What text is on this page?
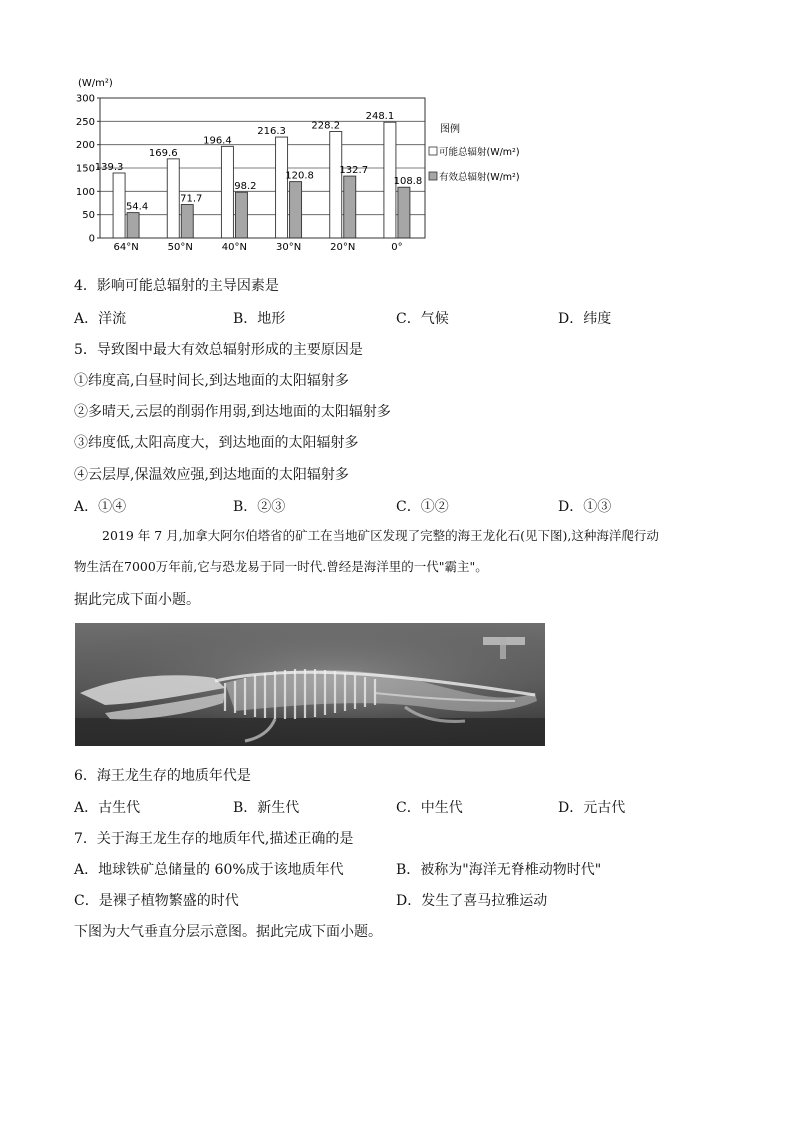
(W/m²)
0
50
100
150
200
250
300
139.3
54.4
169.6
71.7
196.4
98.2
216.3
120.8
228.2
132.7
248.1
108.8
64°N	50°N	40°N	30°N	20°N	0°
图例
可能总辐射(W/m²)
有效总辐射(W/m²)
4．影响可能总辐射的主导因素是
A．洋流	B．地形	C．气候	D．纬度
5．导致图中最大有效总辐射形成的主要原因是
①纬度高,白昼时间长,到达地面的太阳辐射多
②多晴天,云层的削弱作用弱,到达地面的太阳辐射多
③纬度低,太阳高度大，到达地面的太阳辐射多
④云层厚,保温效应强,到达地面的太阳辐射多
A．①④	B．②③	C．①②	D．①③
2019 年 7 月,加拿大阿尔伯塔省的矿工在当地矿区发现了完整的海王龙化石(见下图),这种海洋爬行动
物生活在7000万年前,它与恐龙易于同一时代.曾经是海洋里的一代"霸主"。
据此完成下面小题。
6．海王龙生存的地质年代是
A．古生代	B．新生代	C．中生代	D．元古代
7．关于海王龙生存的地质年代,描述正确的是
A．地球铁矿总储量的 60%成于该地质年代	B．被称为"海洋无脊椎动物时代"
C．是裸子植物繁盛的时代	D．发生了喜马拉雅运动
下图为大气垂直分层示意图。据此完成下面小题。
